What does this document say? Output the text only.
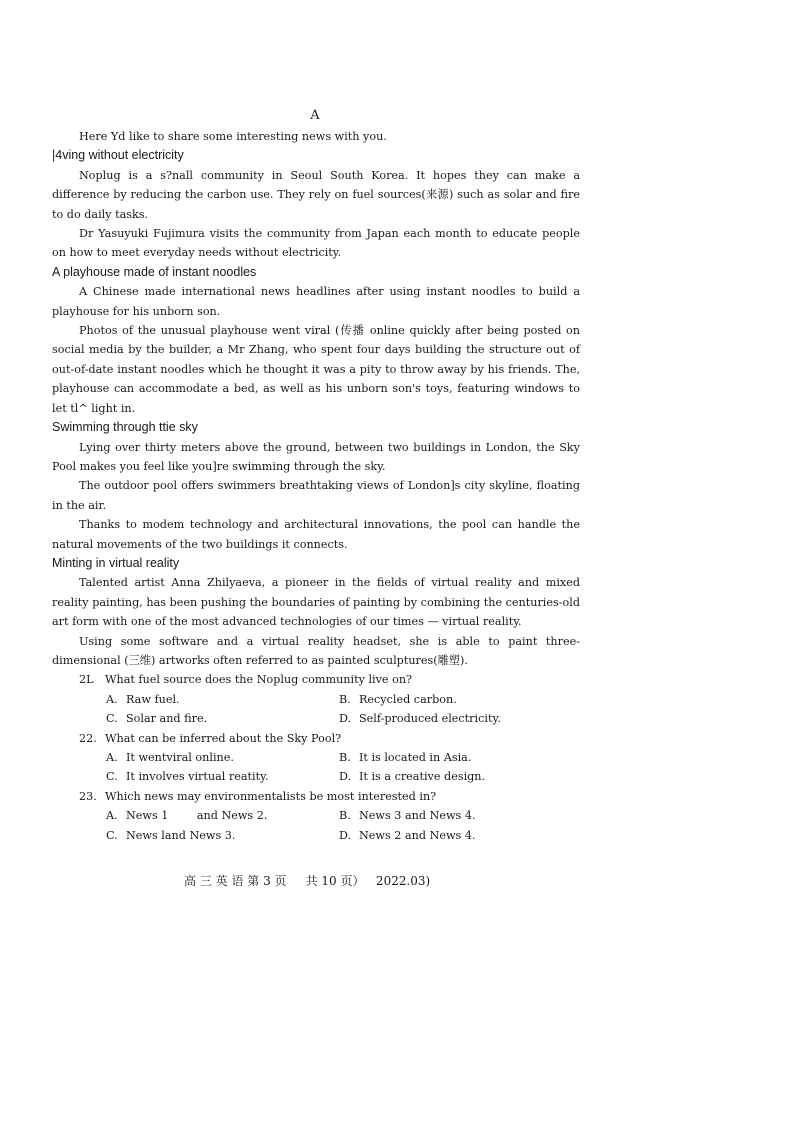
A

Here Yd like to share some interesting news with you.

|4ving without electricity

Noplug is a s?nall community in Seoul South Korea. It hopes they can make a difference by reducing the carbon use. They rely on fuel sources(来源) such as solar and fire to do daily tasks.

Dr Yasuyuki Fujimura visits the community from Japan each month to educate people on how to meet everyday needs without electricity.

A playhouse made of instant noodles

A Chinese made international news headlines after using instant noodles to build a playhouse for his unborn son.

Photos of the unusual playhouse went viral (传播 online quickly after being posted on social media by the builder, a Mr Zhang, who spent four days building the structure out of out-of-date instant noodles which he thought it was a pity to throw away by his friends. The, playhouse can accommodate a bed, as well as his unborn son's toys, featuring windows to let tl^ light in.

Swimming through ttie sky

Lying over thirty meters above the ground, between two buildings in London, the Sky Pool makes you feel like you]re swimming through the sky.

The outdoor pool offers swimmers breathtaking views of London]s city skyline, floating in the air.

Thanks to modem technology and architectural innovations, the pool can handle the natural movements of the two buildings it connects.

Minting in virtual reality

Talented artist Anna Zhilyaeva, a pioneer in the fields of virtual reality and mixed reality painting, has been pushing the boundaries of painting by combining the centuries-old art form with one of the most advanced technologies of our times — virtual reality.

Using some software and a virtual reality headset, she is able to paint three-dimensional (三维) artworks often referred to as painted sculptures(雕塑).

2L	What fuel source does the Noplug community live on?
A. Raw fuel.	B. Recycled carbon.
C. Solar and fire.	D. Self-produced electricity.
22. What can be inferred about the Sky Pool?
A. It wentviral online.	B. It is located in Asia.
C. It involves virtual reatity.	D. It is a creative design.
23. Which news may environmentalists be most interested in?
A. News 1        and News 2.	B. News 3 and News 4.
C. News land News 3.	D. News 2 and News 4.
高 三 英 语 第 3 页     共 10 页）   2022.03)
